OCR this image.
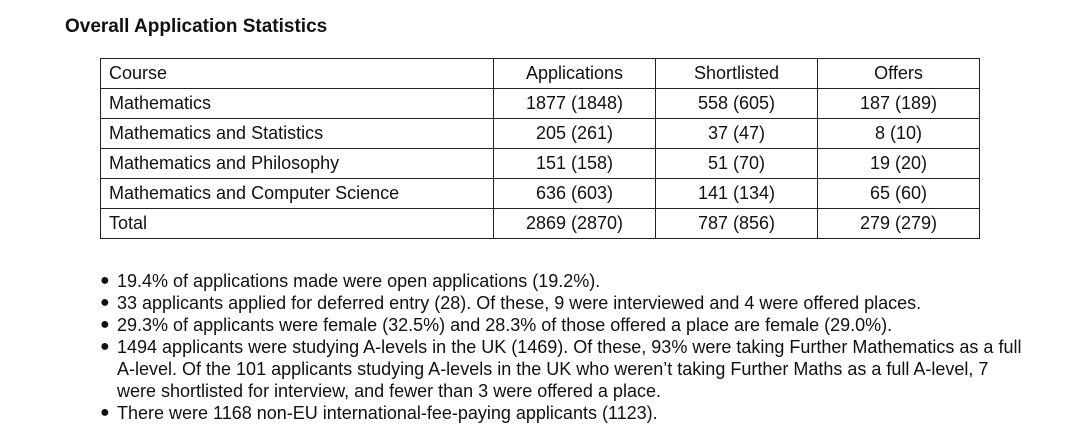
Overall Application Statistics
Course	Applications	Shortlisted	Offers
Mathematics	1877 (1848)	558 (605)	187 (189)
Mathematics and Statistics	205 (261)	37 (47)	8 (10)
Mathematics and Philosophy	151 (158)	51 (70)	19 (20)
Mathematics and Computer Science	636 (603)	141 (134)	65 (60)
Total	2869 (2870)	787 (856)	279 (279)
● 19.4% of applications made were open applications (19.2%).
● 33 applicants applied for deferred entry (28). Of these, 9 were interviewed and 4 were offered places.
● 29.3% of applicants were female (32.5%) and 28.3% of those offered a place are female (29.0%).
● 1494 applicants were studying A-levels in the UK (1469). Of these, 93% were taking Further Mathematics as a full A-level. Of the 101 applicants studying A-levels in the UK who weren’t taking Further Maths as a full A-level, 7 were shortlisted for interview, and fewer than 3 were offered a place.
● There were 1168 non-EU international-fee-paying applicants (1123).
